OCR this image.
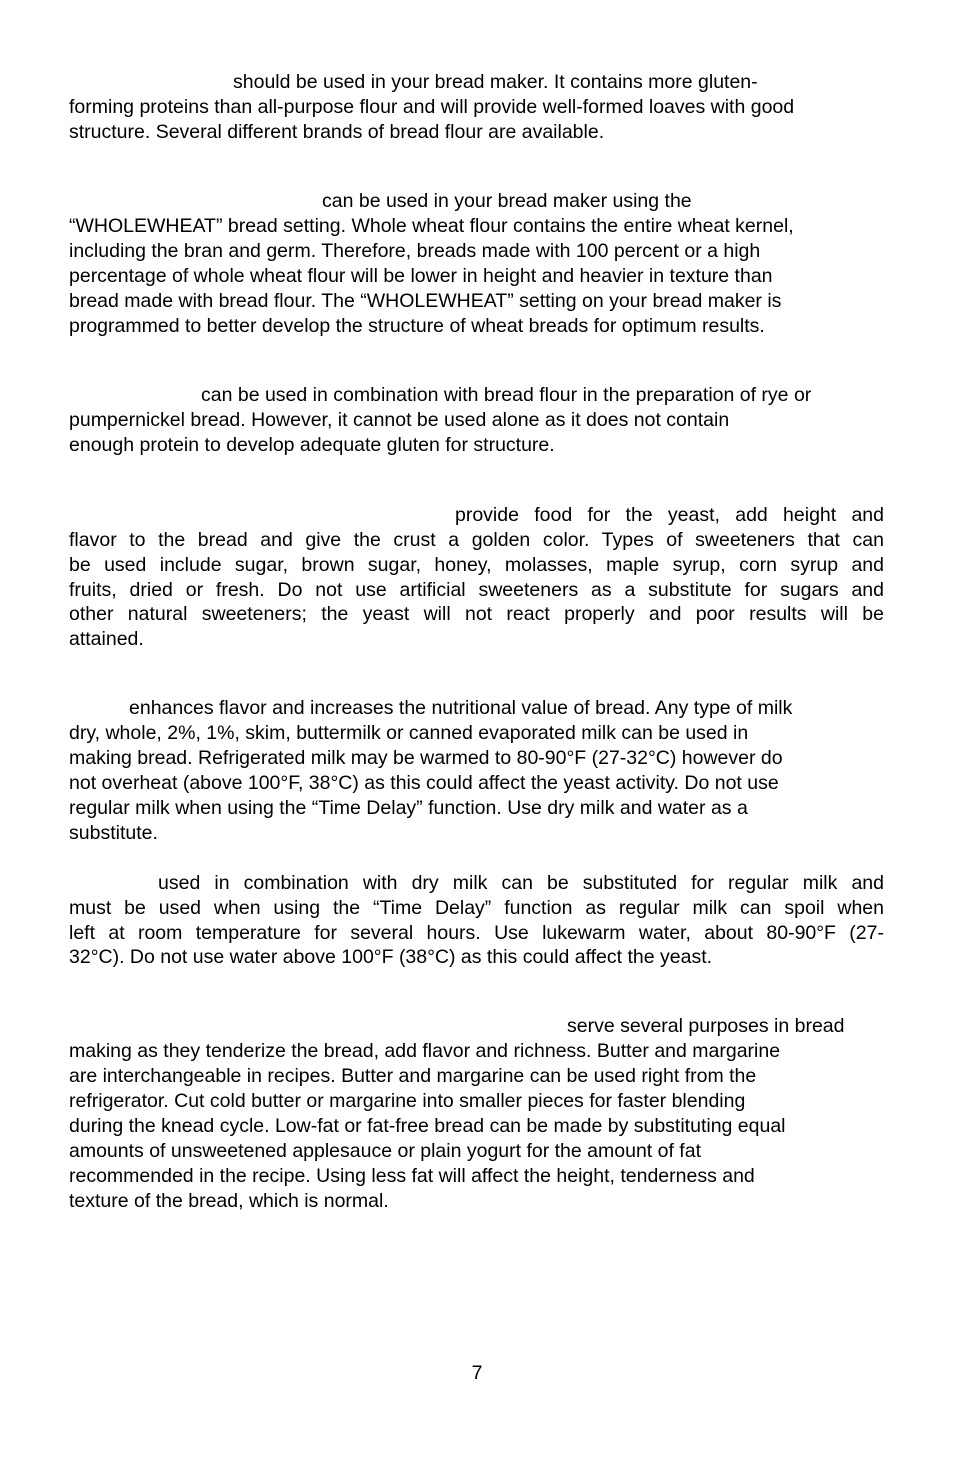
should be used in your bread maker. It contains more gluten-
forming proteins than all-purpose flour and will provide well-formed loaves with good
structure. Several different brands of bread flour are available.
can be used in your bread maker using the
“WHOLEWHEAT” bread setting. Whole wheat flour contains the entire wheat kernel,
including the bran and germ. Therefore, breads made with 100 percent or a high
percentage of whole wheat flour will be lower in height and heavier in texture than
bread made with bread flour. The “WHOLEWHEAT” setting on your bread maker is
programmed to better develop the structure of wheat breads for optimum results.
can be used in combination with bread flour in the preparation of rye or
pumpernickel bread. However, it cannot be used alone as it does not contain
enough protein to develop adequate gluten for structure.
provide food for the yeast, add height and
flavor to the bread and give the crust a golden color. Types of sweeteners that can
be used include sugar, brown sugar, honey, molasses, maple syrup, corn syrup and
fruits, dried or fresh. Do not use artificial sweeteners as a substitute for sugars and
other natural sweeteners; the yeast will not react properly and poor results will be
attained.
enhances flavor and increases the nutritional value of bread. Any type of milk
dry, whole, 2%, 1%, skim, buttermilk or canned evaporated milk can be used in
making bread. Refrigerated milk may be warmed to 80-90°F (27-32°C) however do
not overheat (above 100°F, 38°C) as this could affect the yeast activity. Do not use
regular milk when using the “Time Delay” function. Use dry milk and water as a
substitute.
used in combination with dry milk can be substituted for regular milk and
must be used when using the “Time Delay” function as regular milk can spoil when
left at room temperature for several hours. Use lukewarm water, about 80-90°F (27-
32°C). Do not use water above 100°F (38°C) as this could affect the yeast.
serve several purposes in bread
making as they tenderize the bread, add flavor and richness. Butter and margarine
are interchangeable in recipes. Butter and margarine can be used right from the
refrigerator. Cut cold butter or margarine into smaller pieces for faster blending
during the knead cycle. Low-fat or fat-free bread can be made by substituting equal
amounts of unsweetened applesauce or plain yogurt for the amount of fat
recommended in the recipe. Using less fat will affect the height, tenderness and
texture of the bread, which is normal.
7
